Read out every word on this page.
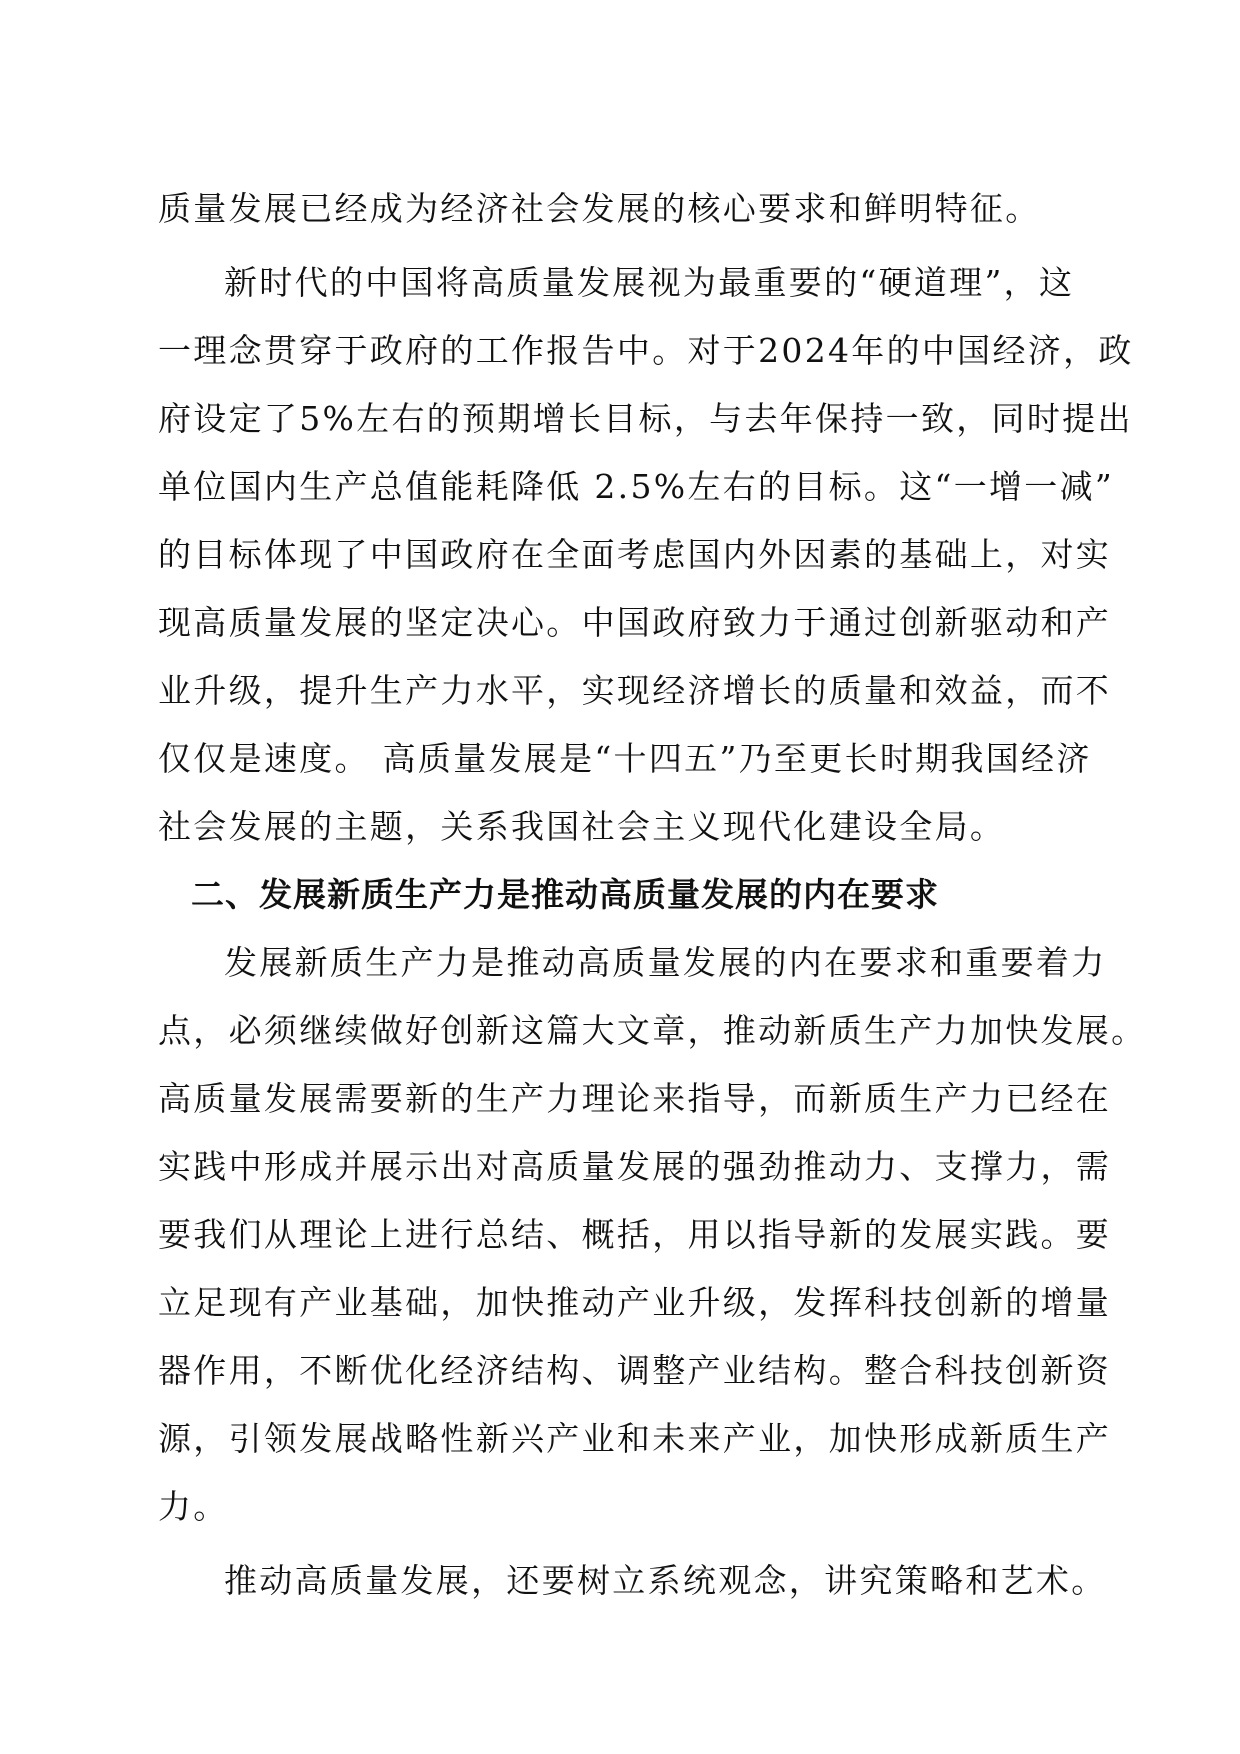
质量发展已经成为经济社会发展的核心要求和鲜明特征。
新时代的中国将高质量发展视为最重要的“硬道理”，这
一理念贯穿于政府的工作报告中。对于2024年的中国经济，政
府设定了5%左右的预期增长目标，与去年保持一致，同时提出
单位国内生产总值能耗降低 2.5%左右的目标。这“一增一减”
的目标体现了中国政府在全面考虑国内外因素的基础上，对实
现高质量发展的坚定决心。中国政府致力于通过创新驱动和产
业升级，提升生产力水平，实现经济增长的质量和效益，而不
仅仅是速度。 高质量发展是“十四五”乃至更长时期我国经济
社会发展的主题，关系我国社会主义现代化建设全局。
二、发展新质生产力是推动高质量发展的内在要求
发展新质生产力是推动高质量发展的内在要求和重要着力
点，必须继续做好创新这篇大文章，推动新质生产力加快发展。
高质量发展需要新的生产力理论来指导，而新质生产力已经在
实践中形成并展示出对高质量发展的强劲推动力、支撑力，需
要我们从理论上进行总结、概括，用以指导新的发展实践。要
立足现有产业基础，加快推动产业升级，发挥科技创新的增量
器作用，不断优化经济结构、调整产业结构。整合科技创新资
源，引领发展战略性新兴产业和未来产业，加快形成新质生产
力。
推动高质量发展，还要树立系统观念，讲究策略和艺术。
